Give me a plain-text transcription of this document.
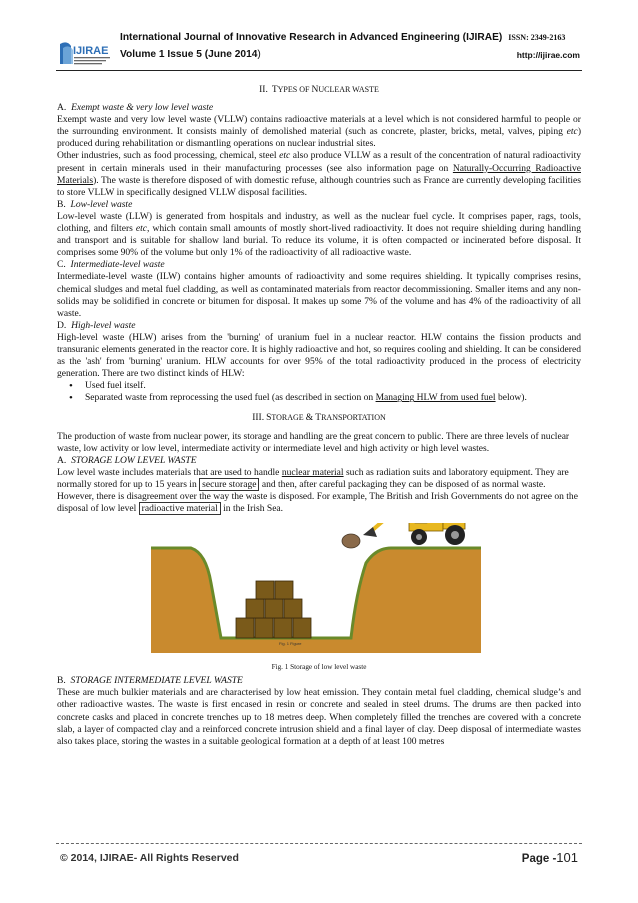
IJIRAE
International Journal of Innovative Research in Advanced Engineering (IJIRAE) ISSN: 2349-2163
Volume 1 Issue 5 (June 2014)	http://ijirae.com

II. TYPES OF NUCLEAR WASTE

A. Exempt waste & very low level waste

Exempt waste and very low level waste (VLLW) contains radioactive materials at a level which is not considered harmful to people or the surrounding environment. It consists mainly of demolished material (such as concrete, plaster, bricks, metal, valves, piping etc) produced during rehabilitation or dismantling operations on nuclear industrial sites.

Other industries, such as food processing, chemical, steel etc also produce VLLW as a result of the concentration of natural radioactivity present in certain minerals used in their manufacturing processes (see also information page on Naturally-Occurring Radioactive Materials). The waste is therefore disposed of with domestic refuse, although countries such as France are currently developing facilities to store VLLW in specifically designed VLLW disposal facilities.

B. Low-level waste

Low-level waste (LLW) is generated from hospitals and industry, as well as the nuclear fuel cycle. It comprises paper, rags, tools, clothing, and filters etc, which contain small amounts of mostly short-lived radioactivity. It does not require shielding during handling and transport and is suitable for shallow land burial. To reduce its volume, it is often compacted or incinerated before disposal. It comprises some 90% of the volume but only 1% of the radioactivity of all radioactive waste.

C. Intermediate-level waste

Intermediate-level waste (ILW) contains higher amounts of radioactivity and some requires shielding. It typically comprises resins, chemical sludges and metal fuel cladding, as well as contaminated materials from reactor decommissioning. Smaller items and any non-solids may be solidified in concrete or bitumen for disposal. It makes up some 7% of the volume and has 4% of the radioactivity of all waste.

D. High-level waste

High-level waste (HLW) arises from the 'burning' of uranium fuel in a nuclear reactor. HLW contains the fission products and transuranic elements generated in the reactor core. It is highly radioactive and hot, so requires cooling and shielding. It can be considered as the 'ash' from 'burning' uranium. HLW accounts for over 95% of the total radioactivity produced in the process of electricity generation. There are two distinct kinds of HLW:

• Used fuel itself.
• Separated waste from reprocessing the used fuel (as described in section on Managing HLW from used fuel below).

III. STORAGE & TRANSPORTATION

The production of waste from nuclear power, its storage and handling are the great concern to public. There are three levels of nuclear waste, low activity or low level, intermediate activity or intermediate level and high activity or high level wastes.

A. STORAGE LOW LEVEL WASTE

Low level waste includes materials that are used to handle nuclear material such as radiation suits and laboratory equipment. They are normally stored for up to 15 years in secure storage and then, after careful packaging they can be disposed of as normal waste.

However, there is disagreement over the way the waste is disposed. For example, The British and Irish Governments do not agree on the disposal of low level radioactive material in the Irish Sea.

Fig. 1 Figure

Fig. 1 Storage of low level waste

B. STORAGE INTERMEDIATE LEVEL WASTE

These are much bulkier materials and are characterised by low heat emission. They contain metal fuel cladding, chemical sludge’s and other radioactive wastes. The waste is first encased in resin or concrete and sealed in steel drums. The drums are then packed into concrete casks and placed in concrete trenches up to 18 metres deep. When completely filled the trenches are covered with a concrete slab, a layer of compacted clay and a reinforced concrete intrusion shield and a final layer of clay. Deep disposal of intermediate wastes also takes place, storing the wastes in a suitable geological formation at a depth of at least 100 metres

© 2014, IJIRAE- All Rights Reserved	Page -101
